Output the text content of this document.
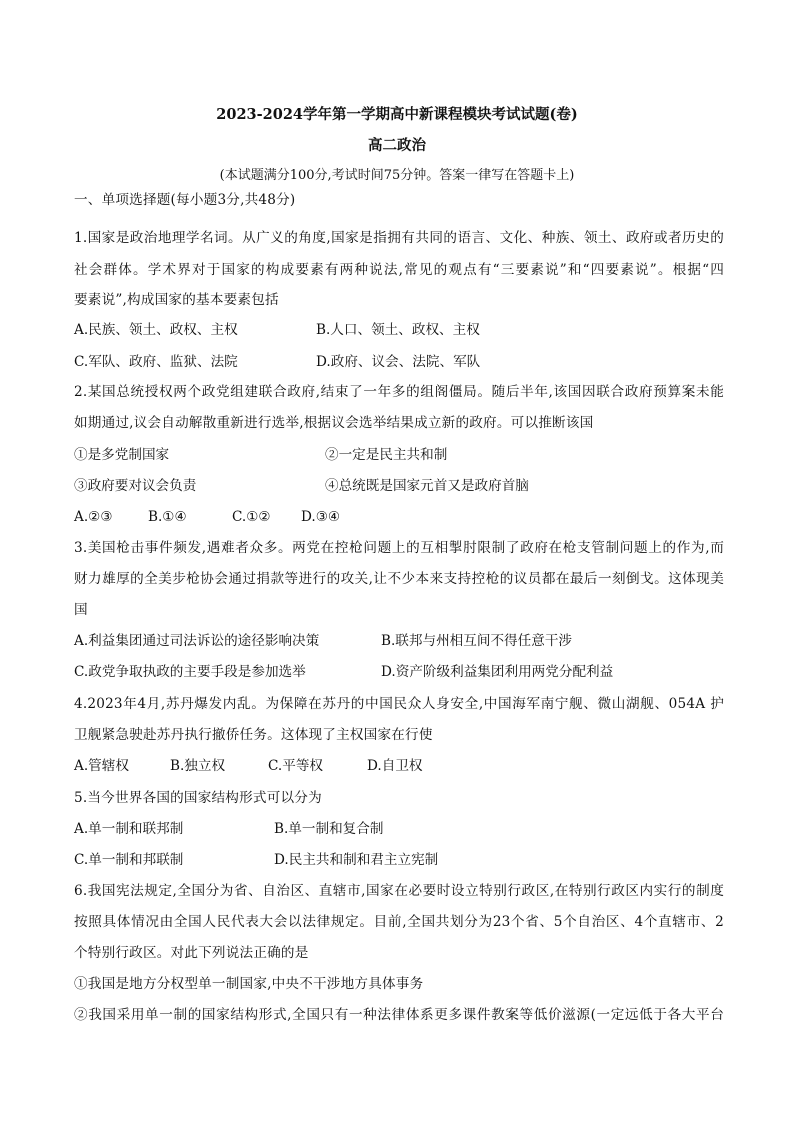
2023-2024学年第一学期高中新课程模块考试试题(卷)
高二政治
(本试题满分100分,考试时间75分钟。答案一律写在答题卡上)
一、单项选择题(每小题3分,共48分)
1.国家是政治地理学名词。从广义的角度,国家是指拥有共同的语言、文化、种族、领土、政府或者历史的
社会群体。学术界对于国家的构成要素有两种说法,常见的观点有“三要素说”和“四要素说”。根据“四
要素说”,构成国家的基本要素包括
A.民族、领土、政权、主权	B.人口、领土、政权、主权
C.军队、政府、监狱、法院	D.政府、议会、法院、军队
2.某国总统授权两个政党组建联合政府,结束了一年多的组阁僵局。随后半年,该国因联合政府预算案未能
如期通过,议会自动解散重新进行选举,根据议会选举结果成立新的政府。可以推断该国
①是多党制国家	②一定是民主共和制
③政府要对议会负责	④总统既是国家元首又是政府首脑
A.②③	B.①④	C.①② D.③④
3.美国枪击事件频发,遇难者众多。两党在控枪问题上的互相掣肘限制了政府在枪支管制问题上的作为,而
财力雄厚的全美步枪协会通过捐款等进行的攻关,让不少本来支持控枪的议员都在最后一刻倒戈。这体现美
国
A.利益集团通过司法诉讼的途径影响决策	B.联邦与州相互间不得任意干涉
C.政党争取执政的主要手段是参加选举	D.资产阶级利益集团利用两党分配利益
4.2023年4月,苏丹爆发内乱。为保障在苏丹的中国民众人身安全,中国海军南宁舰、微山湖舰、054A 护
卫舰紧急驶赴苏丹执行撤侨任务。这体现了主权国家在行使
A.管辖权	B.独立权	C.平等权	D.自卫权
5.当今世界各国的国家结构形式可以分为
A.单一制和联邦制	B.单一制和复合制
C.单一制和邦联制	D.民主共和制和君主立宪制
6.我国宪法规定,全国分为省、自治区、直辖市,国家在必要时设立特别行政区,在特别行政区内实行的制度
按照具体情况由全国人民代表大会以法律规定。目前,全国共划分为23个省、5个自治区、4个直辖市、2
个特别行政区。对此下列说法正确的是
①我国是地方分权型单一制国家,中央不干涉地方具体事务
②我国采用单一制的国家结构形式,全国只有一种法律体系更多课件教案等低价滋源(一定远低于各大平台
